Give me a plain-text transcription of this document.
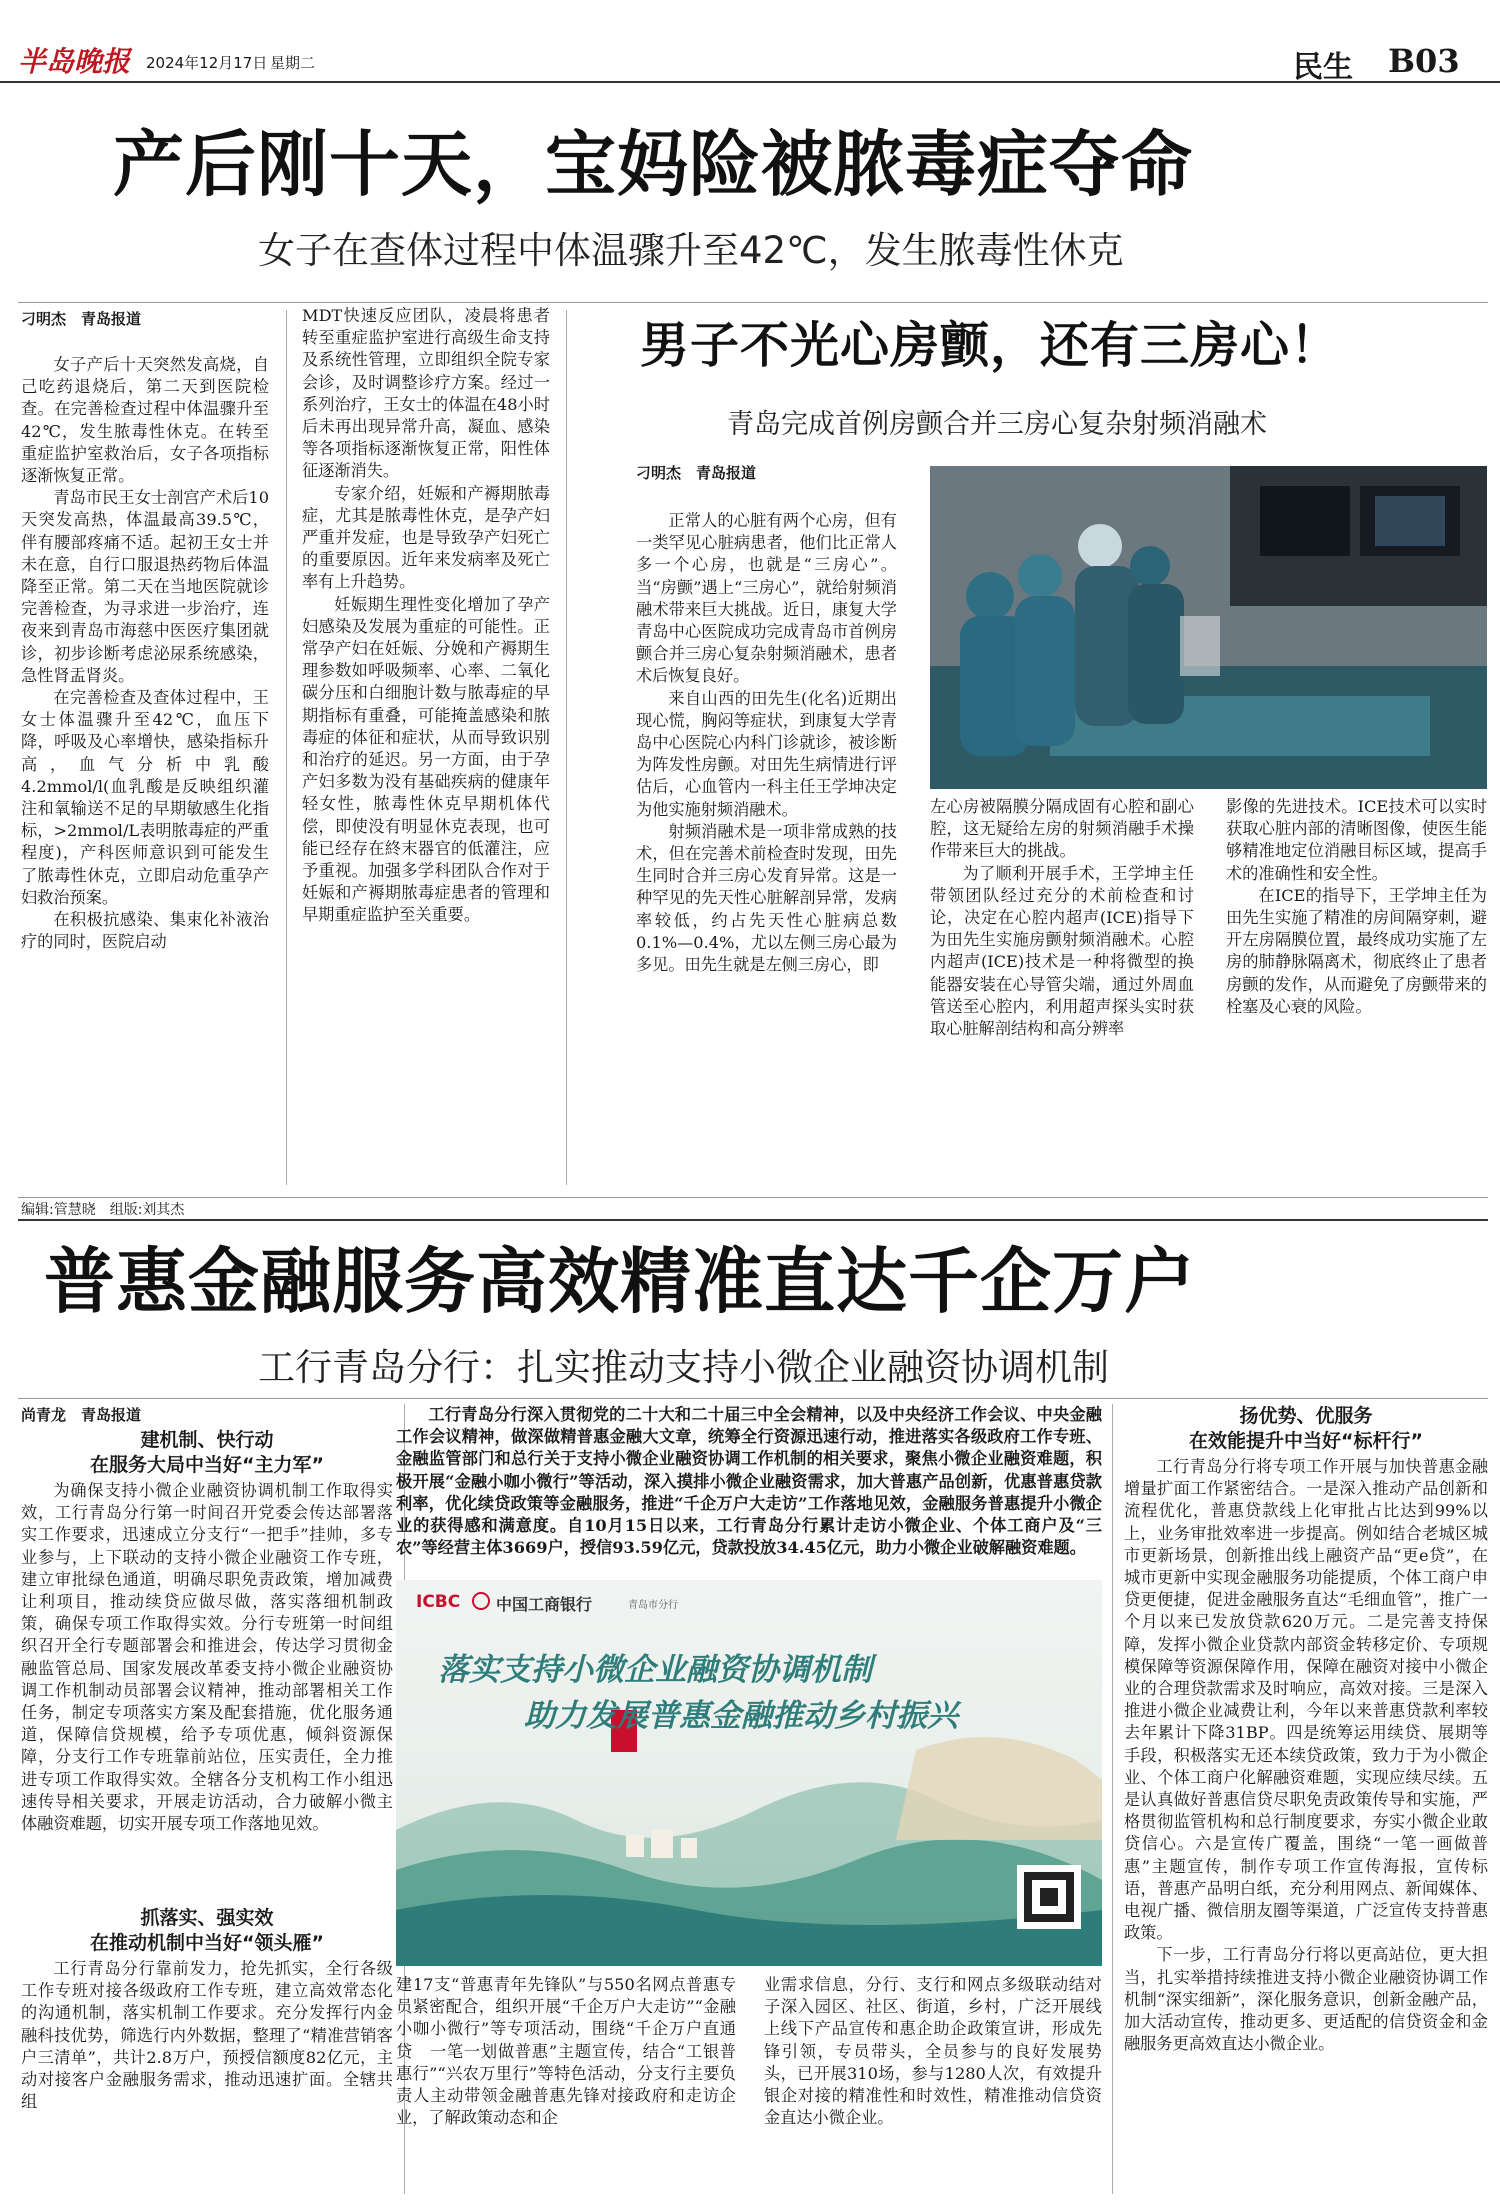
半岛晚报 2024年12月17日 星期二	民生 B03
产后刚十天，宝妈险被脓毒症夺命
女子在查体过程中体温骤升至42℃，发生脓毒性休克
刁明杰　青岛报道

女子产后十天突然发高烧，自己吃药退烧后，第二天到医院检查。在完善检查过程中体温骤升至42℃，发生脓毒性休克。在转至重症监护室救治后，女子各项指标逐渐恢复正常。

青岛市民王女士剖宫产术后10天突发高热，体温最高39.5℃，伴有腰部疼痛不适。起初王女士并未在意，自行口服退热药物后体温降至正常。第二天在当地医院就诊完善检查，为寻求进一步治疗，连夜来到青岛市海慈中医医疗集团就诊，初步诊断考虑泌尿系统感染，急性肾盂肾炎。

在完善检查及查体过程中，王女士体温骤升至42℃，血压下降，呼吸及心率增快，感染指标升高，血气分析中乳酸4.2mmol/l(血乳酸是反映组织灌注和氧输送不足的早期敏感生化指标，>2mmol/L表明脓毒症的严重程度)，产科医师意识到可能发生了脓毒性休克，立即启动危重孕产妇救治预案。

在积极抗感染、集束化补液治疗的同时，医院启动

MDT快速反应团队，凌晨将患者转至重症监护室进行高级生命支持及系统性管理，立即组织全院专家会诊，及时调整诊疗方案。经过一系列治疗，王女士的体温在48小时后未再出现异常升高，凝血、感染等各项指标逐渐恢复正常，阳性体征逐渐消失。

专家介绍，妊娠和产褥期脓毒症，尤其是脓毒性休克，是孕产妇严重并发症，也是导致孕产妇死亡的重要原因。近年来发病率及死亡率有上升趋势。

妊娠期生理性变化增加了孕产妇感染及发展为重症的可能性。正常孕产妇在妊娠、分娩和产褥期生理参数如呼吸频率、心率、二氧化碳分压和白细胞计数与脓毒症的早期指标有重叠，可能掩盖感染和脓毒症的体征和症状，从而导致识别和治疗的延迟。另一方面，由于孕产妇多数为没有基础疾病的健康年轻女性，脓毒性休克早期机体代偿，即使没有明显休克表现，也可能已经存在終末器官的低灌注，应予重视。加强多学科团队合作对于妊娠和产褥期脓毒症患者的管理和早期重症监护至关重要。

男子不光心房颤，还有三房心！
青岛完成首例房颤合并三房心复杂射频消融术
刁明杰　青岛报道

正常人的心脏有两个心房，但有一类罕见心脏病患者，他们比正常人多一个心房，也就是“三房心”。当“房颤”遇上“三房心”，就给射频消融术带来巨大挑战。近日，康复大学青岛中心医院成功完成青岛市首例房颤合并三房心复杂射频消融术，患者术后恢复良好。

来自山西的田先生(化名)近期出现心慌，胸闷等症状，到康复大学青岛中心医院心内科门诊就诊，被诊断为阵发性房颤。对田先生病情进行评估后，心血管内一科主任王学坤决定为他实施射频消融术。

射频消融术是一项非常成熟的技术，但在完善术前检查时发现，田先生同时合并三房心发育异常。这是一种罕见的先天性心脏解剖异常，发病率较低，约占先天性心脏病总数0.1%—0.4%，尤以左侧三房心最为多见。田先生就是左侧三房心，即

左心房被隔膜分隔成固有心腔和副心腔，这无疑给左房的射频消融手术操作带来巨大的挑战。

为了顺利开展手术，王学坤主任带领团队经过充分的术前检查和讨论，决定在心腔内超声(ICE)指导下为田先生实施房颤射频消融术。心腔内超声(ICE)技术是一种将微型的换能器安装在心导管尖端，通过外周血管送至心腔内，利用超声探头实时获取心脏解剖结构和高分辨率

影像的先进技术。ICE技术可以实时获取心脏内部的清晰图像，使医生能够精准地定位消融目标区域，提高手术的准确性和安全性。

在ICE的指导下，王学坤主任为田先生实施了精准的房间隔穿刺，避开左房隔膜位置，最终成功实施了左房的肺静脉隔离术，彻底终止了患者房颤的发作，从而避免了房颤带来的栓塞及心衰的风险。

编辑:管慧晓　组版:刘其杰
普惠金融服务高效精准直达千企万户
工行青岛分行：扎实推动支持小微企业融资协调机制
尚青龙　青岛报道
建机制、快行动
在服务大局中当好“主力军”

为确保支持小微企业融资协调机制工作取得实效，工行青岛分行第一时间召开党委会传达部署落实工作要求，迅速成立分支行“一把手”挂帅，多专业参与，上下联动的支持小微企业融资工作专班，建立审批绿色通道，明确尽职免责政策，增加减费让利项目，推动续贷应做尽做，落实落细机制政策，确保专项工作取得实效。分行专班第一时间组织召开全行专题部署会和推进会，传达学习贯彻金融监管总局、国家发展改革委支持小微企业融资协调工作机制动员部署会议精神，推动部署相关工作任务，制定专项落实方案及配套措施，优化服务通道，保障信贷规模，给予专项优惠，倾斜资源保障，分支行工作专班靠前站位，压实责任，全力推进专项工作取得实效。全辖各分支机构工作小组迅速传导相关要求，开展走访活动，合力破解小微主体融资难题，切实开展专项工作落地见效。

抓落实、强实效
在推动机制中当好“领头雁”

工行青岛分行靠前发力，抢先抓实，全行各级工作专班对接各级政府工作专班，建立高效常态化的沟通机制，落实机制工作要求。充分发挥行内金融科技优势，筛选行内外数据，整理了“精准营销客户三清单”，共计2.8万户，预授信额度82亿元，主动对接客户金融服务需求，推动迅速扩面。全辖共组

工行青岛分行深入贯彻党的二十大和二十届三中全会精神，以及中央经济工作会议、中央金融工作会议精神，做深做精普惠金融大文章，统筹全行资源迅速行动，推进落实各级政府工作专班、金融监管部门和总行关于支持小微企业融资协调工作机制的相关要求，聚焦小微企业融资难题，积极开展“金融小咖小微行”等活动，深入摸排小微企业融资需求，加大普惠产品创新，优惠普惠贷款利率，优化续贷政策等金融服务，推进“千企万户大走访”工作落地见效，金融服务普惠提升小微企业的获得感和满意度。自10月15日以来，工行青岛分行累计走访小微企业、个体工商户及“三农”等经营主体3669户，授信93.59亿元，贷款投放34.45亿元，助力小微企业破解融资难题。

ICBC 中国工商银行	青岛市分行
落实支持小微企业融资协调机制
助力发展普惠金融推动乡村振兴

建17支“普惠青年先锋队”与550名网点普惠专员紧密配合，组织开展“千企万户大走访”“金融小咖小微行”等专项活动，围绕“千企万户直通贷　一笔一划做普惠”主题宣传，结合“工银普惠行”“兴农万里行”等特色活动，分支行主要负责人主动带领金融普惠先锋对接政府和走访企业，了解政策动态和企

业需求信息，分行、支行和网点多级联动结对子深入园区、社区、街道，乡村，广泛开展线上线下产品宣传和惠企助企政策宣讲，形成先锋引领，专员带头，全员参与的良好发展势头，已开展310场，参与1280人次，有效提升银企对接的精准性和时效性，精准推动信贷资金直达小微企业。

扬优势、优服务
在效能提升中当好“标杆行”

工行青岛分行将专项工作开展与加快普惠金融增量扩面工作紧密结合。一是深入推动产品创新和流程优化，普惠贷款线上化审批占比达到99%以上，业务审批效率进一步提高。例如结合老城区城市更新场景，创新推出线上融资产品“更e贷”，在城市更新中实现金融服务功能提质，个体工商户申贷更便捷，促进金融服务直达“毛细血管”，推广一个月以来已发放贷款620万元。二是完善支持保障，发挥小微企业贷款内部资金转移定价、专项规模保障等资源保障作用，保障在融资对接中小微企业的合理贷款需求及时响应，高效对接。三是深入推进小微企业减费让利，今年以来普惠贷款利率较去年累计下降31BP。四是统筹运用续贷、展期等手段，积极落实无还本续贷政策，致力于为小微企业、个体工商户化解融资难题，实现应续尽续。五是认真做好普惠信贷尽职免责政策传导和实施，严格贯彻监管机构和总行制度要求，夯实小微企业敢贷信心。六是宣传广覆盖，围绕“一笔一画做普惠”主题宣传，制作专项工作宣传海报，宣传标语，普惠产品明白纸，充分利用网点、新闻媒体、电视广播、微信朋友圈等渠道，广泛宣传支持普惠政策。

下一步，工行青岛分行将以更高站位，更大担当，扎实举措持续推进支持小微企业融资协调工作机制“深实细新”，深化服务意识，创新金融产品，加大活动宣传，推动更多、更适配的信贷资金和金融服务更高效直达小微企业。
